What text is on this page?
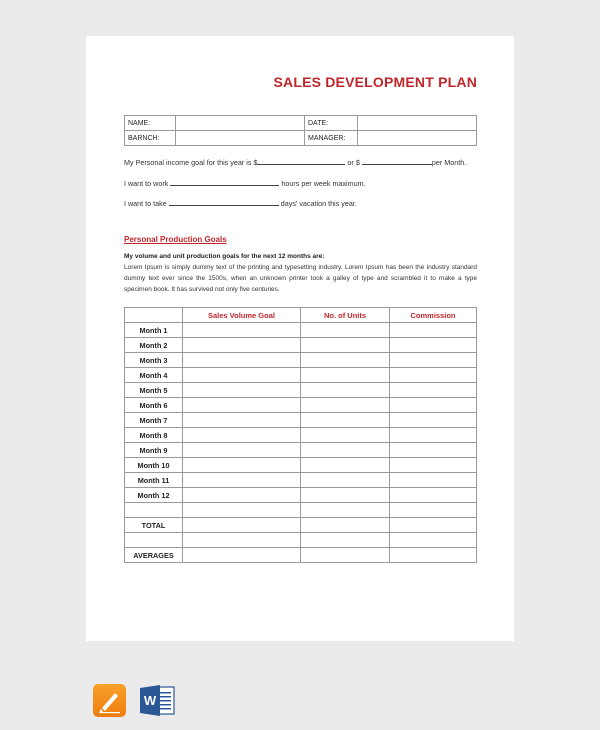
SALES DEVELOPMENT PLAN
NAME:		DATE:	
BARNCH:		MANAGER:	
My Personal income goal for this year is $	or $	per Month.
I want to work	hours per week maximum.
I want to take	days' vacation this year.
Personal Production Goals
My volume and unit production goals for the next 12 months are:
Lorem Ipsum is simply dummy text of the printing and typesetting industry. Lorem Ipsum has been the industry standard dummy text ever since the 1500s, when an unknown printer took a galley of type and scrambled it to make a type specimen book. It has survived not only five centuries.
	Sales Volume Goal	No. of Units	Commission
Month 1			
Month 2			
Month 3			
Month 4			
Month 5			
Month 6			
Month 7			
Month 8			
Month 9			
Month 10			
Month 11			
Month 12			

TOTAL			

AVERAGES			
W
